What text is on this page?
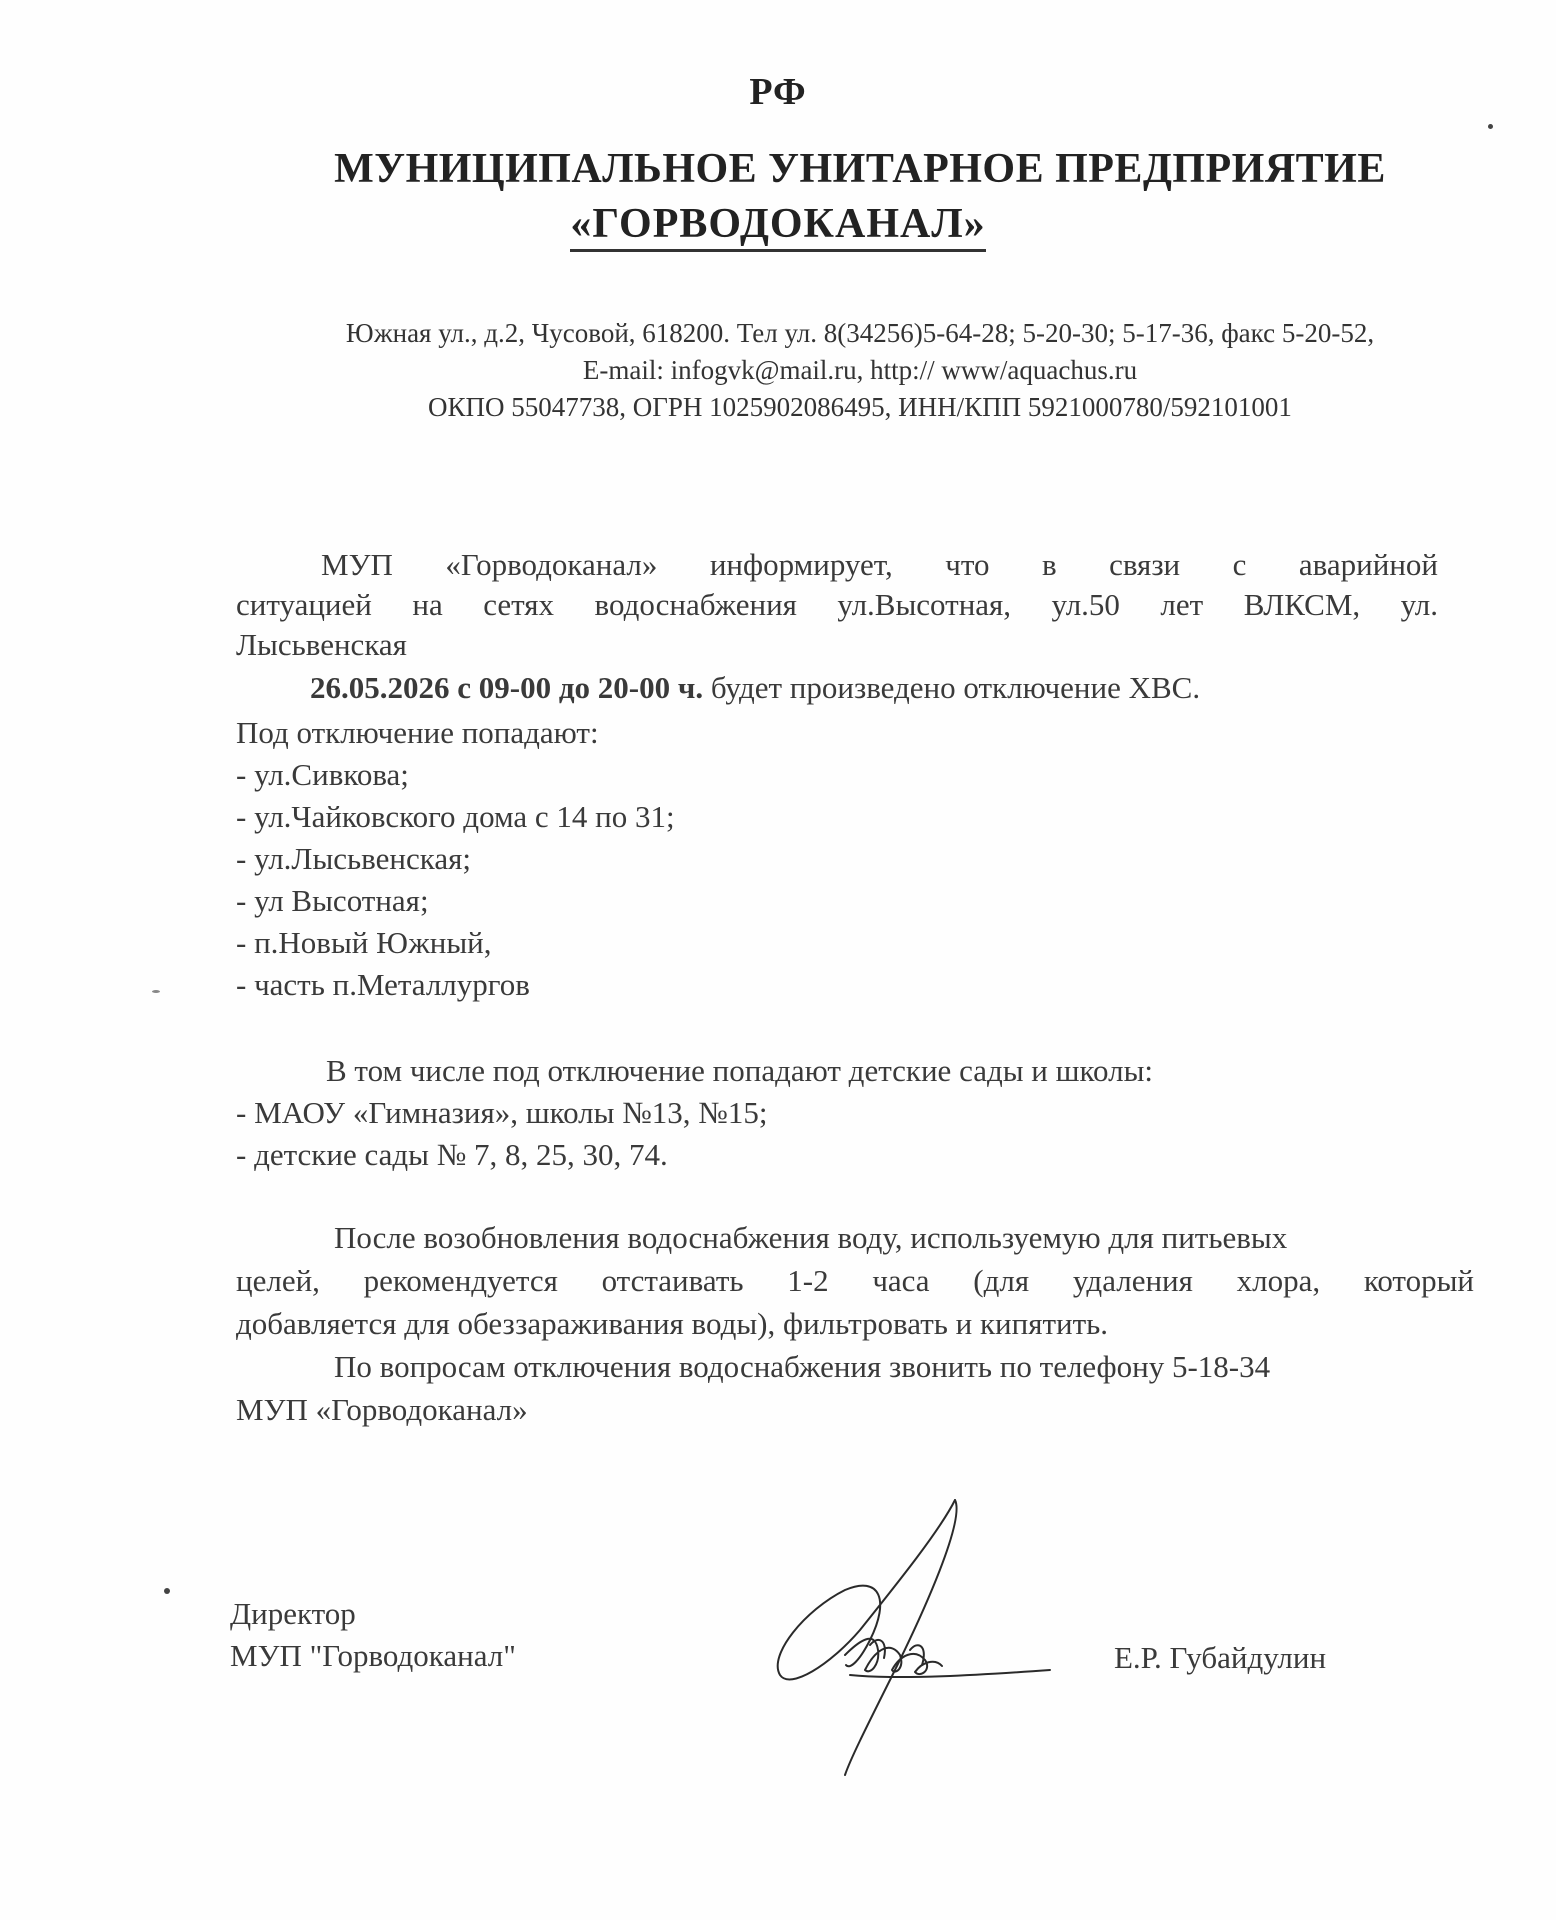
РФ
МУНИЦИПАЛЬНОЕ УНИТАРНОЕ ПРЕДПРИЯТИЕ
«ГОРВОДОКАНАЛ»
Южная ул., д.2, Чусовой, 618200. Тел ул. 8(34256)5-64-28; 5-20-30; 5-17-36, факс 5-20-52,
E-mail: infogvk@mail.ru, http:// www/aquachus.ru
ОКПО 55047738, ОГРН 1025902086495, ИНН/КПП 5921000780/592101001
МУП «Горводоканал» информирует, что в связи с аварийной
ситуацией на сетях водоснабжения ул.Высотная, ул.50 лет ВЛКСМ, ул.
Лысьвенская
26.05.2026 с 09-00 до 20-00 ч. будет произведено отключение ХВС.
Под отключение попадают:
- ул.Сивкова;
- ул.Чайковского дома с 14 по 31;
- ул.Лысьвенская;
- ул Высотная;
- п.Новый Южный,
- часть п.Металлургов
В том числе под отключение попадают детские сады и школы:
- МАОУ «Гимназия», школы №13, №15;
- детские сады № 7, 8, 25, 30, 74.
После возобновления водоснабжения воду, используемую для питьевых
целей, рекомендуется отстаивать 1-2 часа (для удаления хлора, который
добавляется для обеззараживания воды), фильтровать и кипятить.
По вопросам отключения водоснабжения звонить по телефону 5-18-34
МУП «Горводоканал»
Директор
МУП "Горводоканал"	Е.Р. Губайдулин
